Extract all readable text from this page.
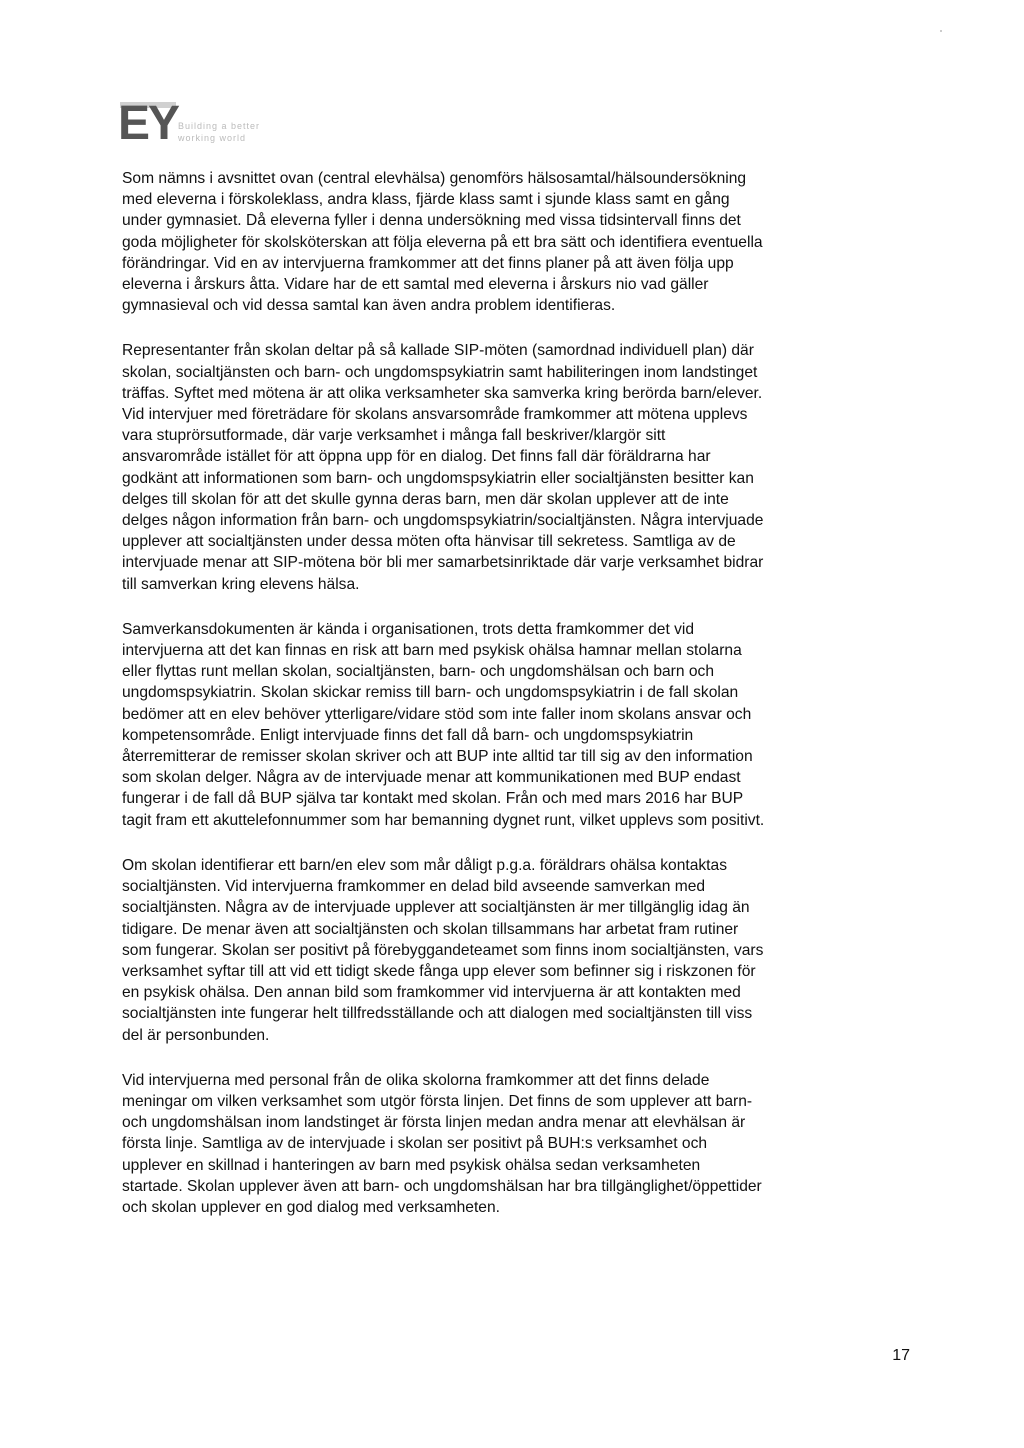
EY Building a better
working world

Som nämns i avsnittet ovan (central elevhälsa) genomförs hälsosamtal/hälsoundersökning
med eleverna i förskoleklass, andra klass, fjärde klass samt i sjunde klass samt en gång
under gymnasiet. Då eleverna fyller i denna undersökning med vissa tidsintervall finns det
goda möjligheter för skolsköterskan att följa eleverna på ett bra sätt och identifiera eventuella
förändringar. Vid en av intervjuerna framkommer att det finns planer på att även följa upp
eleverna i årskurs åtta. Vidare har de ett samtal med eleverna i årskurs nio vad gäller
gymnasieval och vid dessa samtal kan även andra problem identifieras.

Representanter från skolan deltar på så kallade SIP-möten (samordnad individuell plan) där
skolan, socialtjänsten och barn- och ungdomspsykiatrin samt habiliteringen inom landstinget
träffas. Syftet med mötena är att olika verksamheter ska samverka kring berörda barn/elever.
Vid intervjuer med företrädare för skolans ansvarsområde framkommer att mötena upplevs
vara stuprörsutformade, där varje verksamhet i många fall beskriver/klargör sitt
ansvarområde istället för att öppna upp för en dialog. Det finns fall där föräldrarna har
godkänt att informationen som barn- och ungdomspsykiatrin eller socialtjänsten besitter kan
delges till skolan för att det skulle gynna deras barn, men där skolan upplever att de inte
delges någon information från barn- och ungdomspsykiatrin/socialtjänsten. Några intervjuade
upplever att socialtjänsten under dessa möten ofta hänvisar till sekretess. Samtliga av de
intervjuade menar att SIP-mötena bör bli mer samarbetsinriktade där varje verksamhet bidrar
till samverkan kring elevens hälsa.

Samverkansdokumenten är kända i organisationen, trots detta framkommer det vid
intervjuerna att det kan finnas en risk att barn med psykisk ohälsa hamnar mellan stolarna
eller flyttas runt mellan skolan, socialtjänsten, barn- och ungdomshälsan och barn och
ungdomspsykiatrin. Skolan skickar remiss till barn- och ungdomspsykiatrin i de fall skolan
bedömer att en elev behöver ytterligare/vidare stöd som inte faller inom skolans ansvar och
kompetensområde. Enligt intervjuade finns det fall då barn- och ungdomspsykiatrin
återremitterar de remisser skolan skriver och att BUP inte alltid tar till sig av den information
som skolan delger. Några av de intervjuade menar att kommunikationen med BUP endast
fungerar i de fall då BUP själva tar kontakt med skolan. Från och med mars 2016 har BUP
tagit fram ett akuttelefonnummer som har bemanning dygnet runt, vilket upplevs som positivt.

Om skolan identifierar ett barn/en elev som mår dåligt p.g.a. föräldrars ohälsa kontaktas
socialtjänsten. Vid intervjuerna framkommer en delad bild avseende samverkan med
socialtjänsten. Några av de intervjuade upplever att socialtjänsten är mer tillgänglig idag än
tidigare. De menar även att socialtjänsten och skolan tillsammans har arbetat fram rutiner
som fungerar. Skolan ser positivt på förebyggandeteamet som finns inom socialtjänsten, vars
verksamhet syftar till att vid ett tidigt skede fånga upp elever som befinner sig i riskzonen för
en psykisk ohälsa. Den annan bild som framkommer vid intervjuerna är att kontakten med
socialtjänsten inte fungerar helt tillfredsställande och att dialogen med socialtjänsten till viss
del är personbunden.

Vid intervjuerna med personal från de olika skolorna framkommer att det finns delade
meningar om vilken verksamhet som utgör första linjen. Det finns de som upplever att barn-
och ungdomshälsan inom landstinget är första linjen medan andra menar att elevhälsan är
första linje. Samtliga av de intervjuade i skolan ser positivt på BUH:s verksamhet och
upplever en skillnad i hanteringen av barn med psykisk ohälsa sedan verksamheten
startade. Skolan upplever även att barn- och ungdomshälsan har bra tillgänglighet/öppettider
och skolan upplever en god dialog med verksamheten.

17
